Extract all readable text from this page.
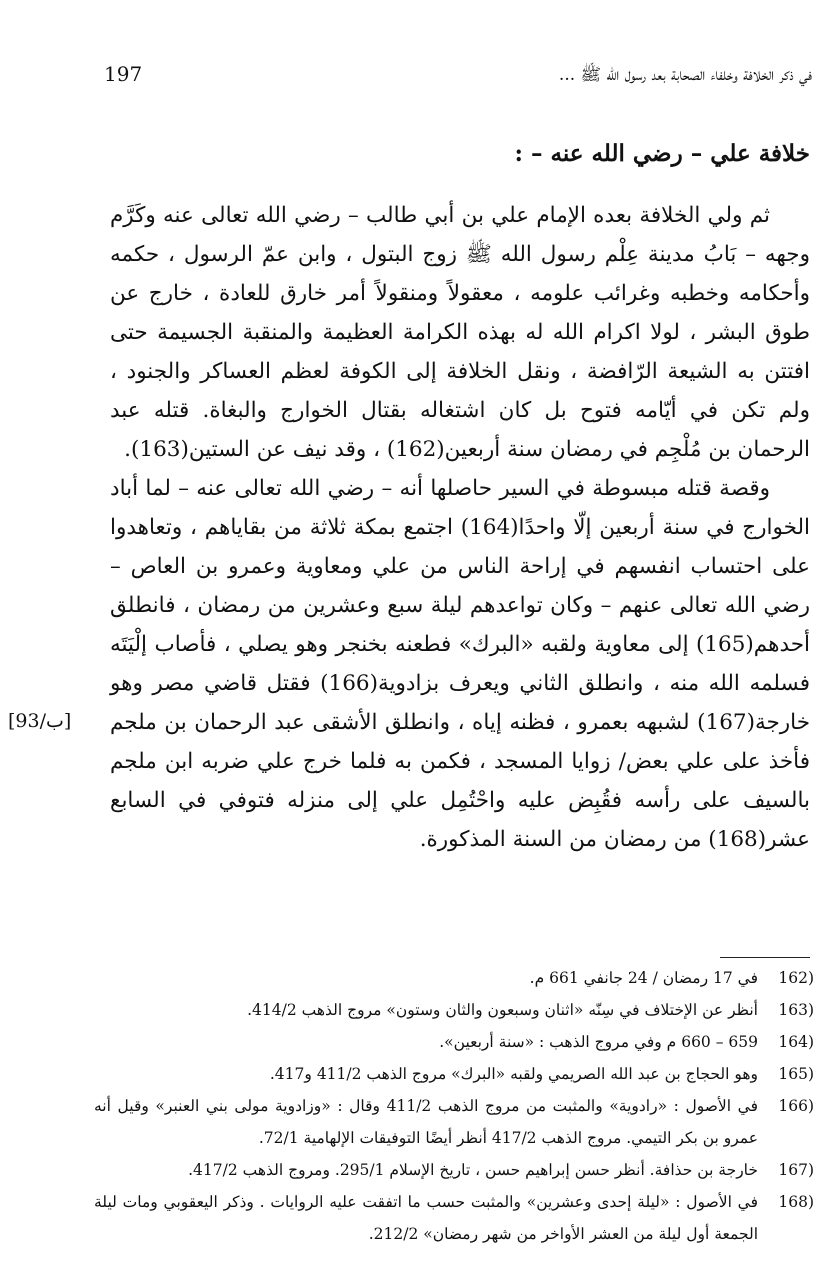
في ذكر الخلافة وخلفاء الصحابة بعد رسول الله ﷺ ...
197
خلافة علي – رضي الله عنه – :

ثم ولي الخلافة بعده الإمام علي بن أبي طالب – رضي الله تعالى عنه وكَرَّم وجهه – بَابُ مدينة عِلْم رسول الله ﷺ زوج البتول ، وابن عمّ الرسول ، حكمه وأحكامه وخطبه وغرائب علومه ، معقولاً ومنقولاً أمر خارق للعادة ، خارج عن طوق البشر ، لولا اكرام الله له بهذه الكرامة العظيمة والمنقبة الجسيمة حتى افتتن به الشيعة الرّافضة ، ونقل الخلافة إلى الكوفة لعظم العساكر والجنود ، ولم تكن في أيّامه فتوح بل كان اشتغاله بقتال الخوارج والبغاة. قتله عبد الرحمان بن مُلْجِم في رمضان سنة أربعين(162) ، وقد نيف عن الستين(163).

وقصة قتله مبسوطة في السير حاصلها أنه – رضي الله تعالى عنه – لما أباد الخوارج في سنة أربعين إلّا واحدًا(164) اجتمع بمكة ثلاثة من بقاياهم ، وتعاهدوا على احتساب انفسهم في إراحة الناس من علي ومعاوية وعمرو بن العاص – رضي الله تعالى عنهم – وكان تواعدهم ليلة سبع وعشرين من رمضان ، فانطلق أحدهم(165) إلى معاوية ولقبه «البرك» فطعنه بخنجر وهو يصلي ، فأصاب إلْيَتَه فسلمه الله منه ، وانطلق الثاني ويعرف بزادوية(166) فقتل قاضي مصر وهو خارجة(167) لشبهه بعمرو ، فظنه إياه ، وانطلق الأشقى عبد الرحمان بن ملجم فأخذ على علي بعض/ زوايا المسجد ، فكمن به فلما خرج علي ضربه ابن ملجم بالسيف على رأسه فقُبِض عليه واحْتُمِل علي إلى منزله فتوفي في السابع عشر(168) من رمضان من السنة المذكورة.

[93/ب]
(162
في 17 رمضان / 24 جانفي 661 م.
(163
أنظر عن الإختلاف في سِنّه «اثنان وسبعون والثان وستون» مروج الذهب 414/2.
(164
659 – 660 م وفي مروج الذهب : «سنة أربعين».
(165
وهو الحجاج بن عبد الله الصريمي ولقبه «البرك» مروج الذهب 411/2 و417.
(166
في الأصول : «رادوية» والمثبت من مروج الذهب 411/2 وقال : «وزادوية مولى بني العنبر» وقيل أنه عمرو بن بكر التيمي. مروج الذهب 417/2 أنظر أيضًا التوفيقات الإلهامية 72/1.
(167
خارجة بن حذافة. أنظر حسن إبراهيم حسن ، تاريخ الإسلام 295/1. ومروج الذهب 417/2.
(168
في الأصول : «ليلة إحدى وعشرين» والمثبت حسب ما اتفقت عليه الروايات . وذكر اليعقوبي ومات ليلة الجمعة أول ليلة من العشر الأواخر من شهر رمضان» 212/2.
